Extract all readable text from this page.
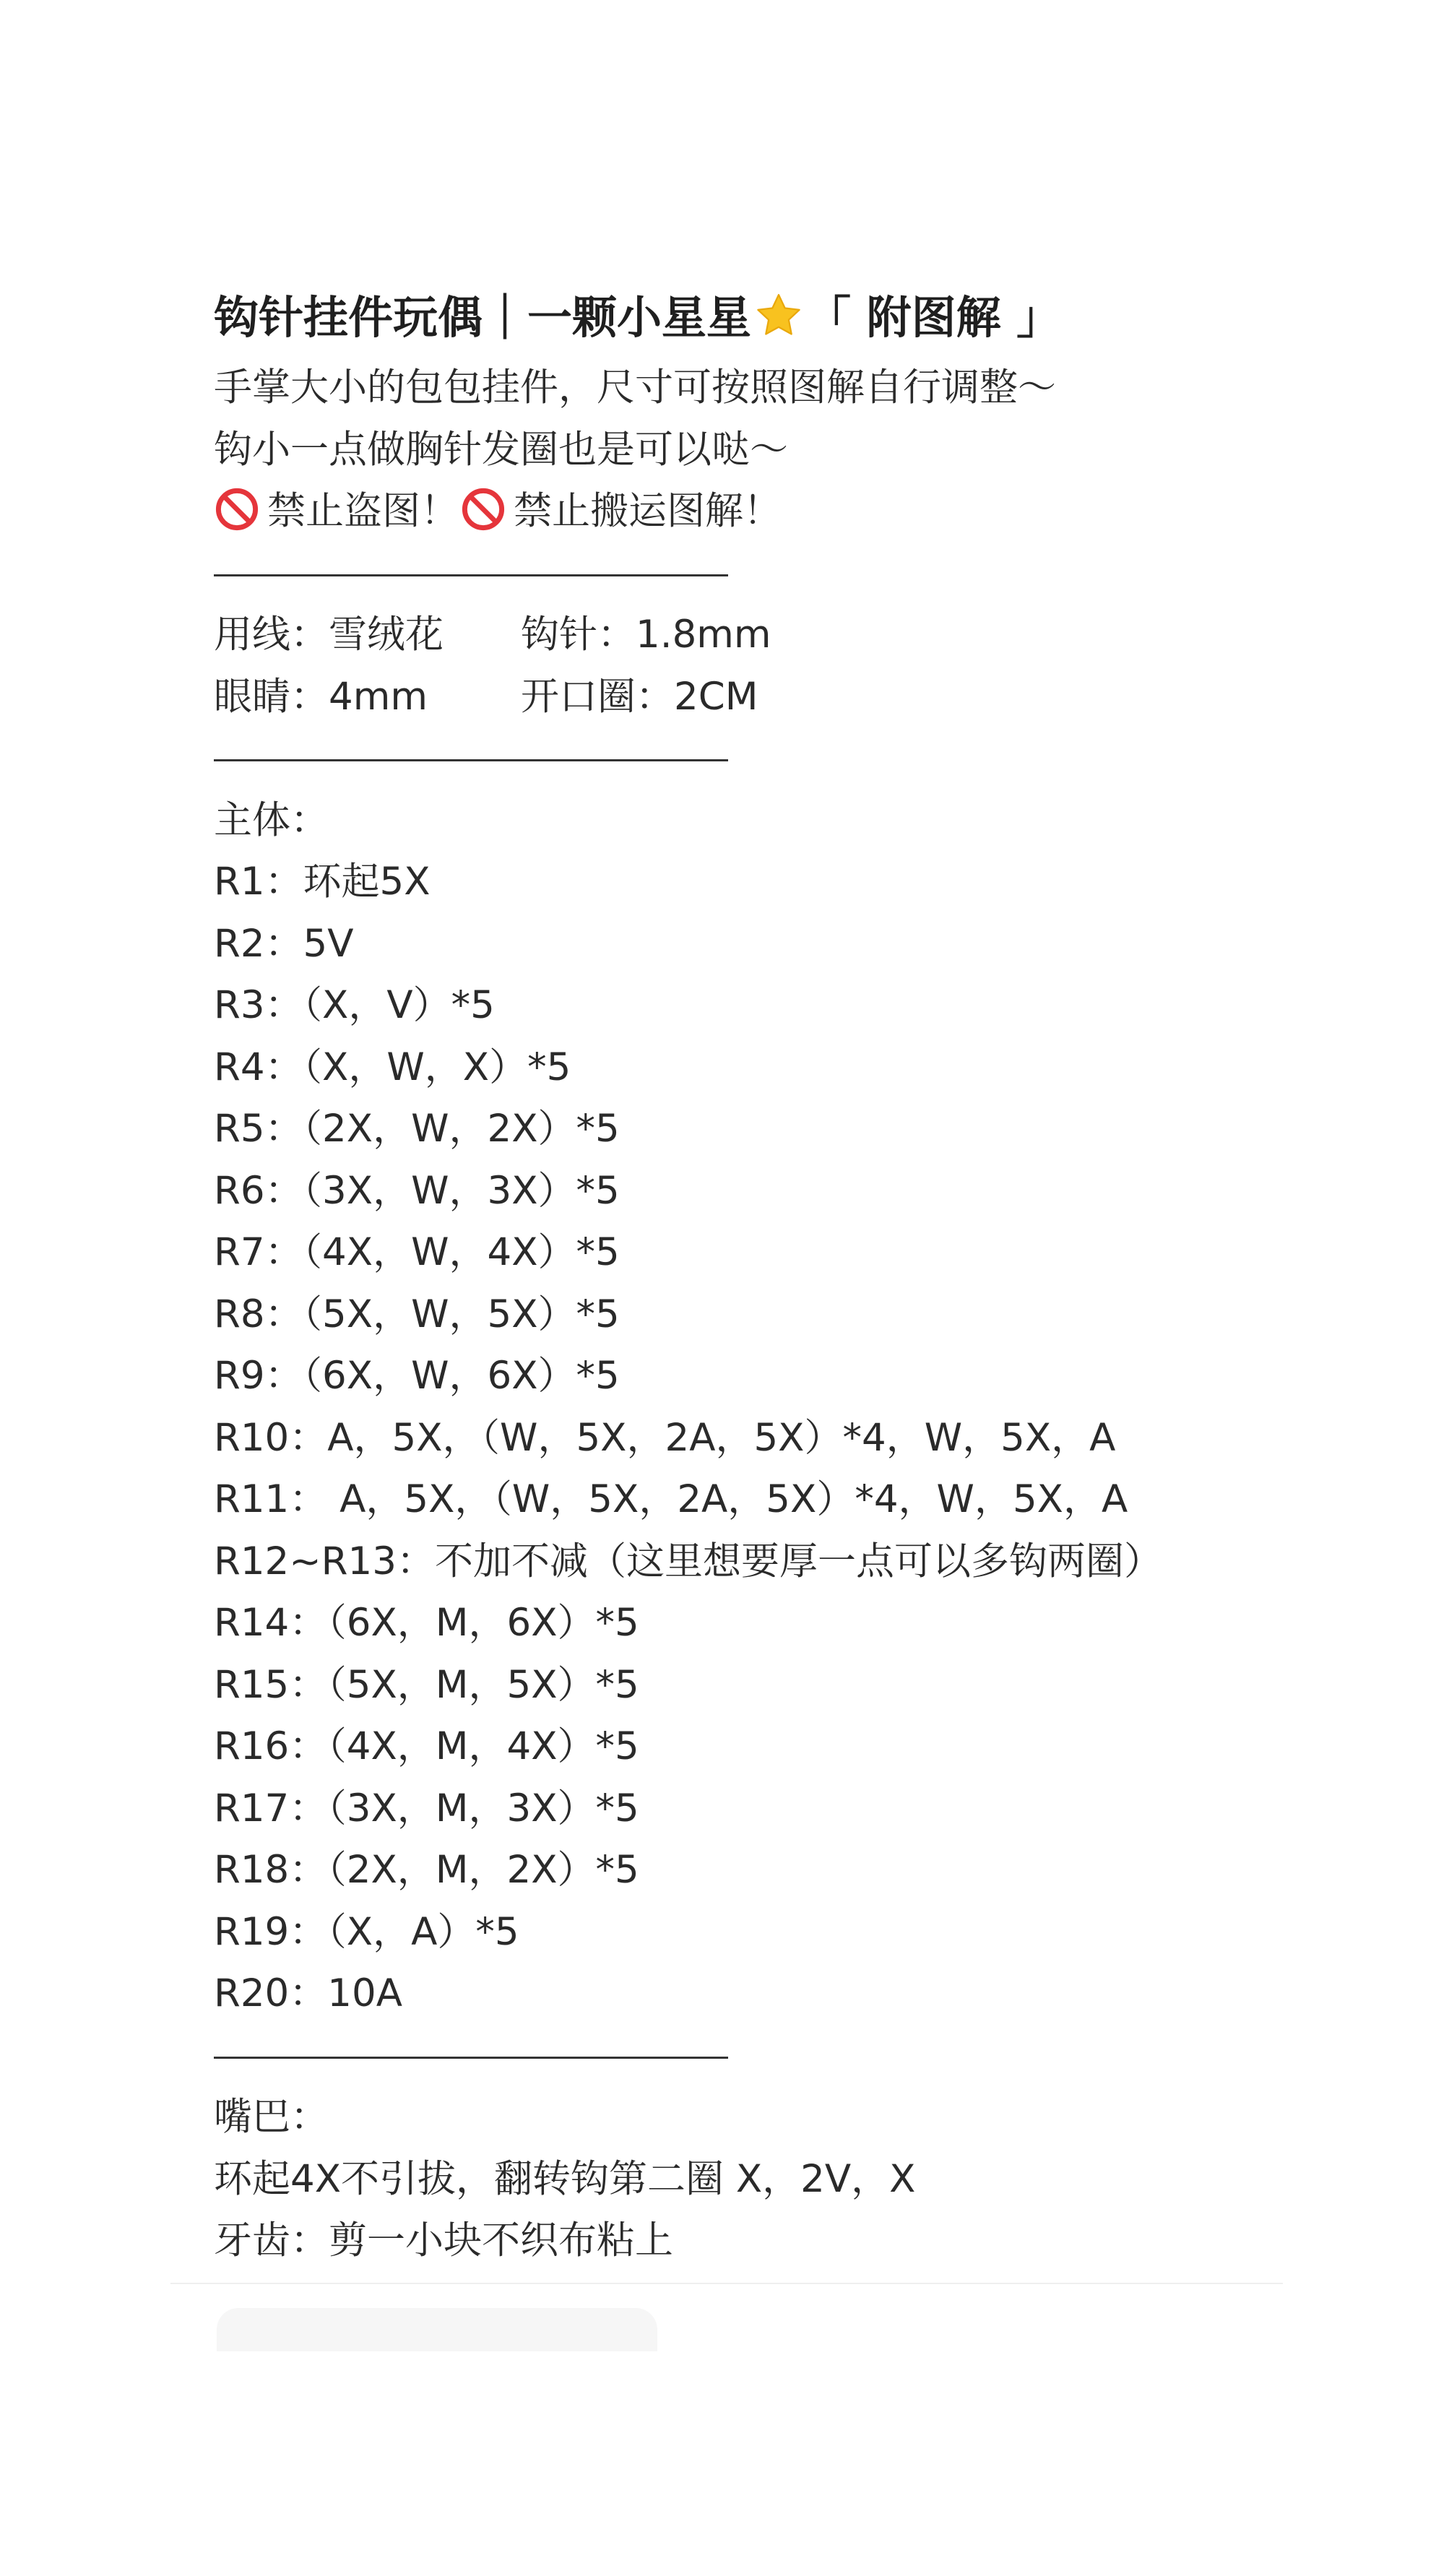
钩针挂件玩偶｜一颗小星星 「 附图解 」
手掌大小的包包挂件，尺寸可按照图解自行调整～
钩小一点做胸针发圈也是可以哒～
禁止盗图！ 禁止搬运图解！
用线：雪绒花	钩针：1.8mm
眼睛：4mm	开口圈：2CM
主体：
R1：环起5X
R2：5V
R3：（X，V）*5
R4：（X，W，X）*5
R5：（2X，W，2X）*5
R6：（3X，W，3X）*5
R7：（4X，W，4X）*5
R8：（5X，W，5X）*5
R9：（6X，W，6X）*5
R10：A，5X，（W，5X，2A，5X）*4，W，5X，A
R11： A，5X，（W，5X，2A，5X）*4，W，5X，A
R12~R13：不加不减（这里想要厚一点可以多钩两圈）
R14：（6X，M，6X）*5
R15：（5X，M，5X）*5
R16：（4X，M，4X）*5
R17：（3X，M，3X）*5
R18：（2X，M，2X）*5
R19：（X，A）*5
R20：10A
嘴巴：
环起4X不引拔，翻转钩第二圈 X，2V，X
牙齿：剪一小块不织布粘上
